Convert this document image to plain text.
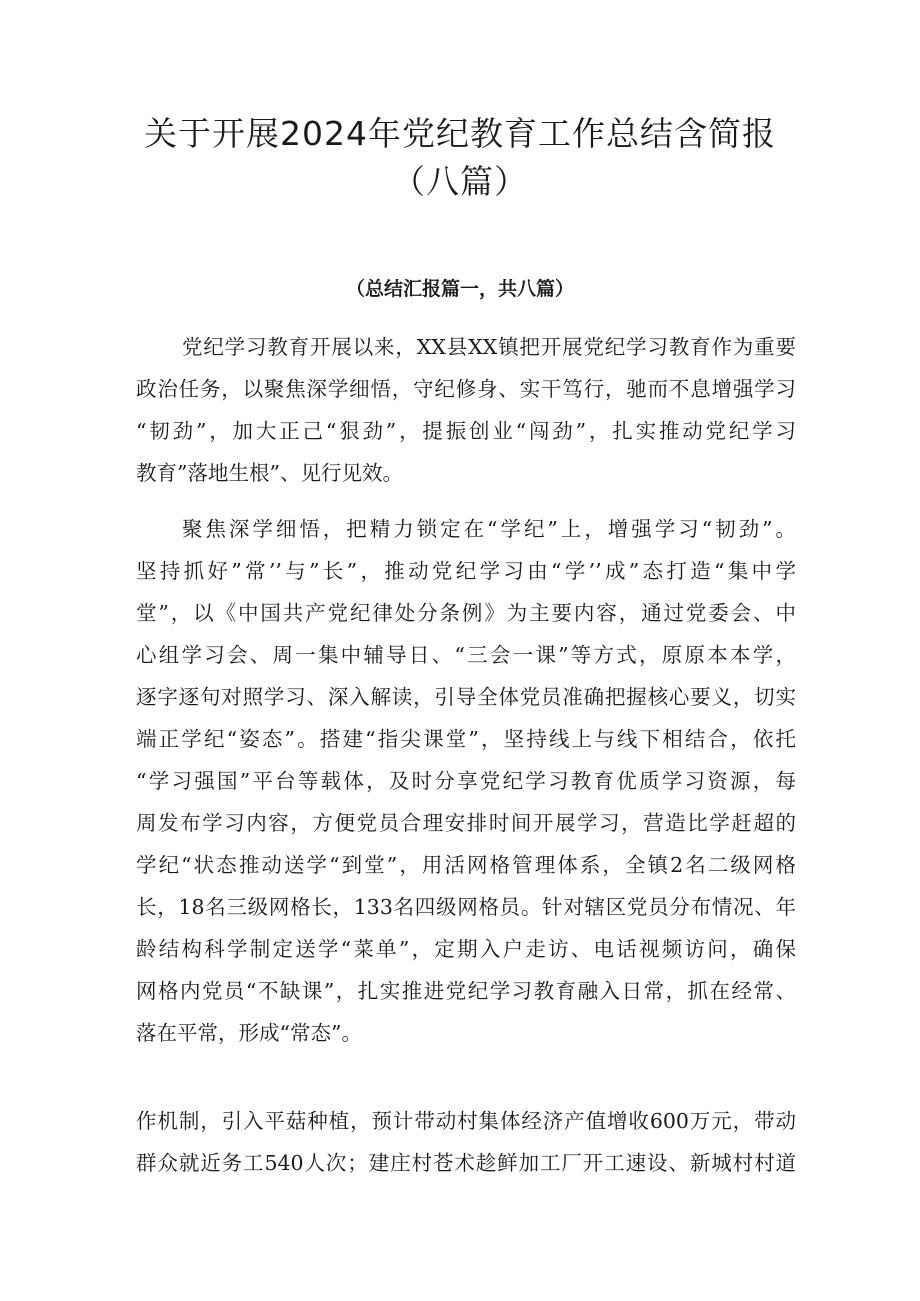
关于开展2024年党纪教育工作总结含简报
（八篇）
（总结汇报篇一，共八篇）

党纪学习教育开展以来，XX县XX镇把开展党纪学习教育作为重要

政治任务，以聚焦深学细悟，守纪修身、实干笃行，驰而不息增强学习

“韧劲”，加大正己“狠劲”，提振创业“闯劲”，扎实推动党纪学习

教育”落地生根”、见行见效。

聚焦深学细悟，把精力锁定在“学纪”上，增强学习“韧劲”。

坚持抓好”常’’与”长”，推动党纪学习由“学’’成”态打造“集中学

堂”，以《中国共产党纪律处分条例》为主要内容，通过党委会、中

心组学习会、周一集中辅导日、“三会一课”等方式，原原本本学，

逐字逐句对照学习、深入解读，引导全体党员准确把握核心要义，切实

端正学纪“姿态”。搭建“指尖课堂”，坚持线上与线下相结合，依托

“学习强国”平台等载体，及时分享党纪学习教育优质学习资源，每

周发布学习内容，方便党员合理安排时间开展学习，营造比学赶超的

学纪“状态推动送学“到堂”，用活网格管理体系，全镇2名二级网格

长，18名三级网格长，133名四级网格员。针对辖区党员分布情况、年

龄结构科学制定送学“菜单”，定期入户走访、电话视频访问，确保

网格内党员“不缺课”，扎实推进党纪学习教育融入日常，抓在经常、

落在平常，形成“常态”。

作机制，引入平菇种植，预计带动村集体经济产值增收600万元，带动

群众就近务工540人次；建庄村苍术趁鲜加工厂开工速设、新城村村道
